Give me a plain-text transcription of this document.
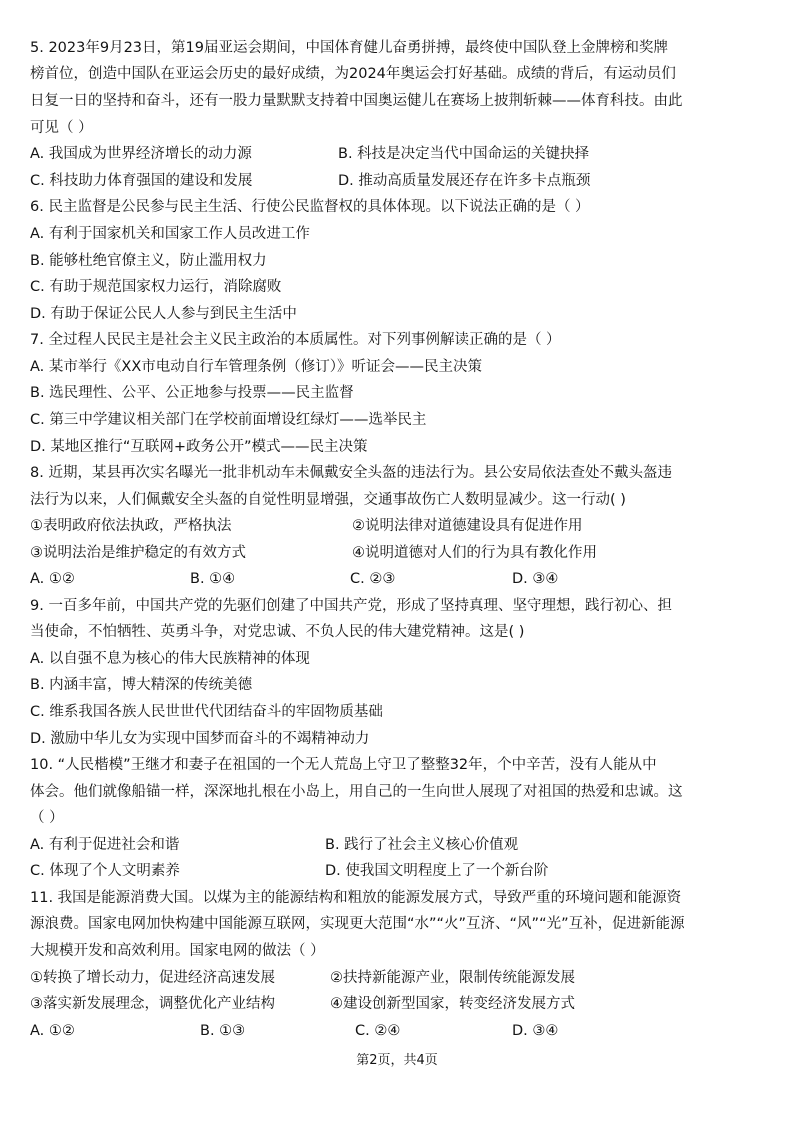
5. 2023年9月23日，第19届亚运会期间，中国体育健儿奋勇拼搏，最终使中国队登上金牌榜和奖牌
榜首位，创造中国队在亚运会历史的最好成绩，为2024年奥运会打好基础。成绩的背后，有运动员们
日复一日的坚持和奋斗，还有一股力量默默支持着中国奥运健儿在赛场上披荆斩棘——体育科技。由此
可见（ ）
A. 我国成为世界经济增长的动力源	B. 科技是决定当代中国命运的关键抉择
C. 科技助力体育强国的建设和发展	D. 推动高质量发展还存在许多卡点瓶颈
6. 民主监督是公民参与民主生活、行使公民监督权的具体体现。以下说法正确的是（ ）
A. 有利于国家机关和国家工作人员改进工作
B. 能够杜绝官僚主义，防止滥用权力
C. 有助于规范国家权力运行，消除腐败
D. 有助于保证公民人人参与到民主生活中
7. 全过程人民民主是社会主义民主政治的本质属性。对下列事例解读正确的是（ ）
A. 某市举行《XX市电动自行车管理条例（修订）》听证会——民主决策
B. 选民理性、公平、公正地参与投票——民主监督
C. 第三中学建议相关部门在学校前面增设红绿灯——选举民主
D. 某地区推行“互联网+政务公开”模式——民主决策
8. 近期，某县再次实名曝光一批非机动车未佩戴安全头盔的违法行为。县公安局依法查处不戴头盔违
法行为以来，人们佩戴安全头盔的自觉性明显增强，交通事故伤亡人数明显减少。这一行动( )
①表明政府依法执政，严格执法	②说明法律对道德建设具有促进作用
③说明法治是维护稳定的有效方式	④说明道德对人们的行为具有教化作用
A. ①②	B. ①④	C. ②③	D. ③④
9. 一百多年前，中国共产党的先驱们创建了中国共产党，形成了坚持真理、坚守理想，践行初心、担
当使命，不怕牺牲、英勇斗争，对党忠诚、不负人民的伟大建党精神。这是( )
A. 以自强不息为核心的伟大民族精神的体现
B. 内涵丰富，博大精深的传统美德
C. 维系我国各族人民世世代代团结奋斗的牢固物质基础
D. 激励中华儿女为实现中国梦而奋斗的不竭精神动力
10. “人民楷模”王继才和妻子在祖国的一个无人荒岛上守卫了整整32年，个中辛苦，没有人能从中
体会。他们就像船锚一样，深深地扎根在小岛上，用自己的一生向世人展现了对祖国的热爱和忠诚。这
（ ）
A. 有利于促进社会和谐	B. 践行了社会主义核心价值观
C. 体现了个人文明素养	D. 使我国文明程度上了一个新台阶
11. 我国是能源消费大国。以煤为主的能源结构和粗放的能源发展方式，导致严重的环境问题和能源资
源浪费。国家电网加快构建中国能源互联网，实现更大范围“水”“火”互济、“风”“光”互补，促进新能源
大规模开发和高效利用。国家电网的做法（ ）
①转换了增长动力，促进经济高速发展	②扶持新能源产业，限制传统能源发展
③落实新发展理念，调整优化产业结构	④建设创新型国家，转变经济发展方式
A. ①②	B. ①③	C. ②④	D. ③④
第2页，共4页
